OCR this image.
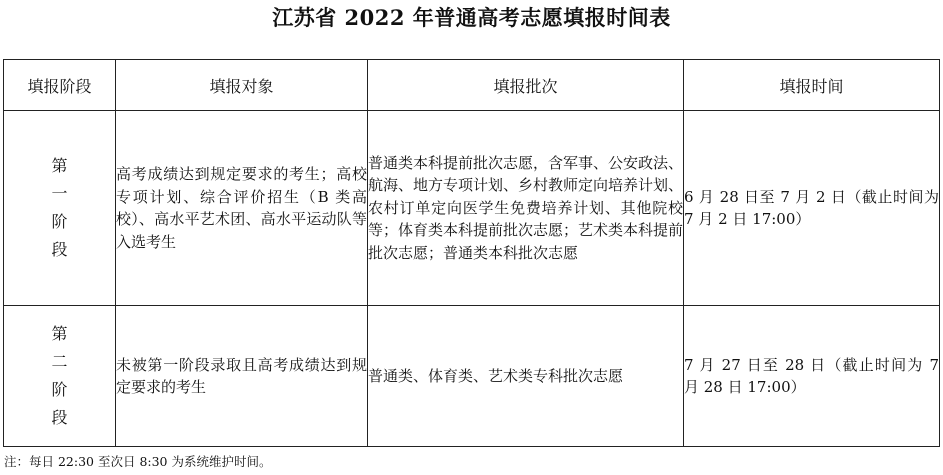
江苏省 2022 年普通高考志愿填报时间表
填报阶段	填报对象	填报批次	填报时间
第一阶段	高考成绩达到规定要求的考生；高校专项计划、综合评价招生（B 类高校）、高水平艺术团、高水平运动队等入选考生	普通类本科提前批次志愿，含军事、公安政法、航海、地方专项计划、乡村教师定向培养计划、农村订单定向医学生免费培养计划、其他院校等；体育类本科提前批次志愿；艺术类本科提前批次志愿；普通类本科批次志愿	6 月 28 日至 7 月 2 日（截止时间为 7 月 2 日 17:00）
第二阶段	未被第一阶段录取且高考成绩达到规定要求的考生	普通类、体育类、艺术类专科批次志愿	7 月 27 日至 28 日（截止时间为 7 月 28 日 17:00）
注：每日 22:30 至次日 8:30 为系统维护时间。
